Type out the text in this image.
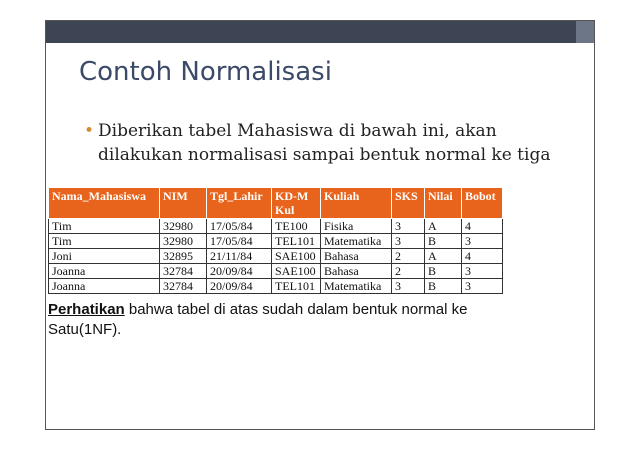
Contoh Normalisasi
• Diberikan tabel Mahasiswa di bawah ini, akan dilakukan normalisasi sampai bentuk normal ke tiga
Nama_Mahasiswa	NIM	Tgl_Lahir	KD-MKul	Kuliah	SKS	Nilai	Bobot
Tim	32980	17/05/84	TE100	Fisika	3	A	4
Tim	32980	17/05/84	TEL101	Matematika	3	B	3
Joni	32895	21/11/84	SAE100	Bahasa	2	A	4
Joanna	32784	20/09/84	SAE100	Bahasa	2	B	3
Joanna	32784	20/09/84	TEL101	Matematika	3	B	3
Perhatikan bahwa tabel di atas sudah dalam bentuk normal ke Satu(1NF).
